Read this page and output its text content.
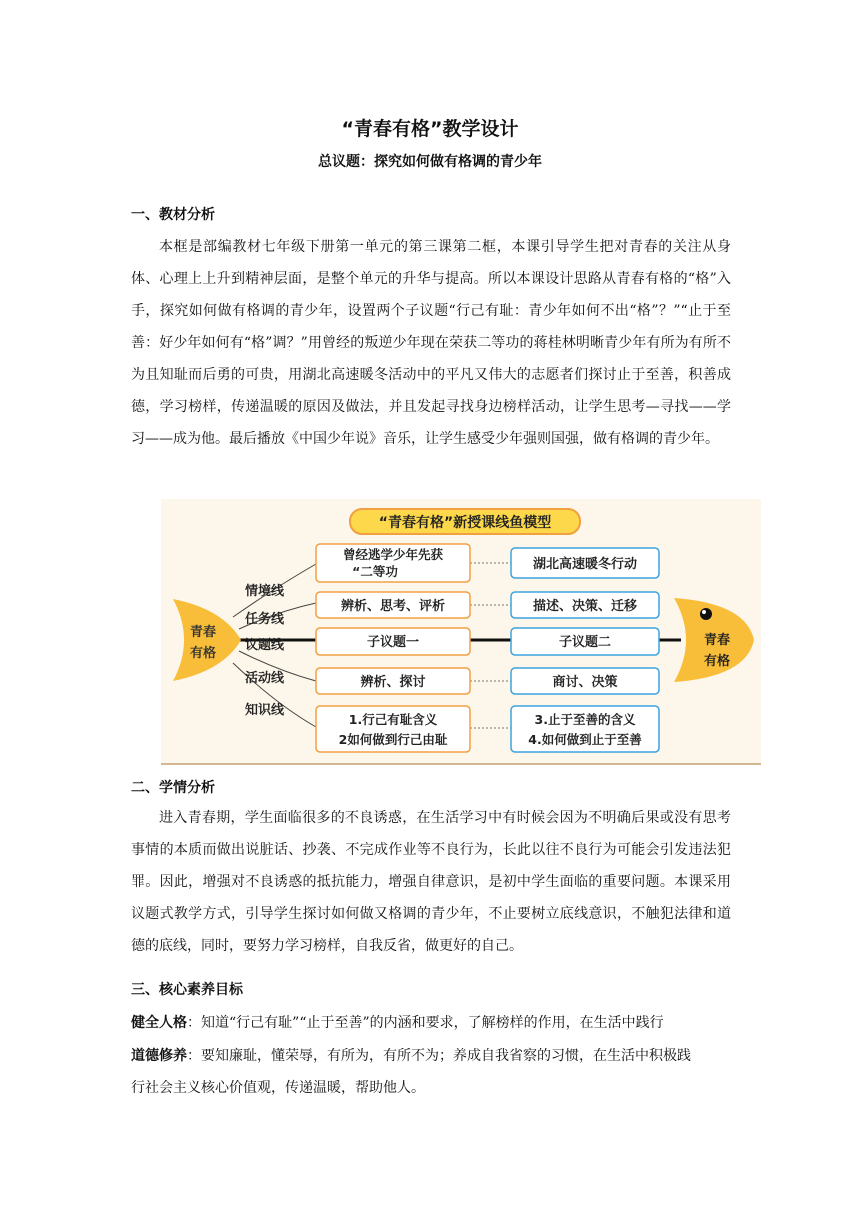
“青春有格”教学设计
总议题：探究如何做有格调的青少年
一、教材分析

本框是部编教材七年级下册第一单元的第三课第二框，本课引导学生把对青春的关注从身体、心理上上升到精神层面，是整个单元的升华与提高。所以本课设计思路从青春有格的“格”入手，探究如何做有格调的青少年，设置两个子议题“行己有耻：青少年如何不出“格”？”“止于至善：好少年如何有“格”调？”用曾经的叛逆少年现在荣获二等功的蒋桂林明晰青少年有所为有所不为且知耻而后勇的可贵，用湖北高速暖冬活动中的平凡又伟大的志愿者们探讨止于至善，积善成德，学习榜样，传递温暖的原因及做法，并且发起寻找身边榜样活动，让学生思考—寻找——学习——成为他。最后播放《中国少年说》音乐，让学生感受少年强则国强，做有格调的青少年。

“青春有格”新授课线鱼模型
青春
有格
青春
有格
情境线
任务线
议题线
活动线
知识线
曾经逃学少年先获
“二等功
辨析、思考、评析
子议题一
辨析、探讨
1.行己有耻含义
2如何做到行己由耻
湖北高速暖冬行动
描述、决策、迁移
子议题二
商讨、决策
3.止于至善的含义
4.如何做到止于至善
二、学情分析

进入青春期，学生面临很多的不良诱惑，在生活学习中有时候会因为不明确后果或没有思考事情的本质而做出说脏话、抄袭、不完成作业等不良行为，长此以往不良行为可能会引发违法犯罪。因此，增强对不良诱惑的抵抗能力，增强自律意识，是初中学生面临的重要问题。本课采用议题式教学方式，引导学生探讨如何做又格调的青少年，不止要树立底线意识，不触犯法律和道德的底线，同时，要努力学习榜样，自我反省，做更好的自己。

三、核心素养目标

健全人格：知道“行己有耻”“止于至善”的内涵和要求，了解榜样的作用，在生活中践行

道德修养：要知廉耻，懂荣辱，有所为，有所不为；养成自我省察的习惯，在生活中积极践

行社会主义核心价值观，传递温暖，帮助他人。
